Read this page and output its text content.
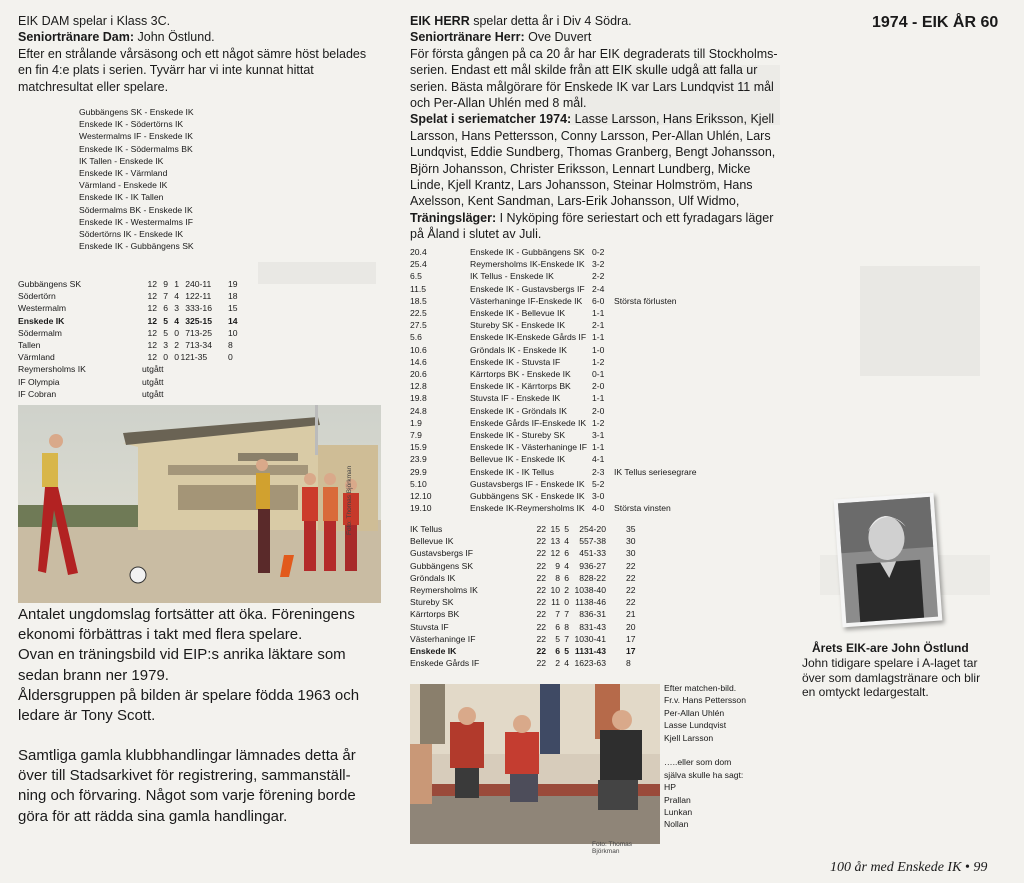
1974 - EIK ÅR 60

EIK DAM spelar i Klass 3C.

Seniortränare Dam: John Östlund.

Efter en strålande vårsäsong och ett något sämre höst belades en fin 4:e plats i serien. Tyvärr har vi inte kunnat hittat matchresultat eller spelare.

Gubbängens SK - Enskede IK
Enskede IK - Södertörns IK
Westermalms IF - Enskede IK
Enskede IK - Södermalms BK
IK Tallen - Enskede IK
Enskede IK - Värmland
Värmland - Enskede IK
Enskede IK - IK Tallen
Södermalms BK - Enskede IK
Enskede IK - Westermalms IF
Södertörns IK - Enskede IK
Enskede IK - Gubbängens SK
Gubbängens SK	12 9 1 2 40-11	19
Södertörn	12 7 4 1 22-11	18
Westermalm	12 6 3 3 33-16	15
Enskede IK	12 5 4 3 25-15	14
Södermalm	12 5 0 7 13-25	10
Tallen	12 3 2 7 13-34	8
Värmland	12 0 0 12 1-35	0
Reymersholms IK	utgått
IF Olympia	utgått
IF Cobran	utgått
Foto: Thomas Björkman
Antalet ungdomslag fortsätter att öka. Föreningens
ekonomi förbättras i takt med flera spelare.
Ovan en träningsbild vid EIP:s anrika läktare som
sedan brann ner 1979.
Åldersgruppen på bilden är spelare födda 1963 och
ledare är Tony Scott.
Samtliga gamla klubbhandlingar lämnades detta år
över till Stadsarkivet för registrering, sammanställ-
ning och förvaring. Något som varje förening borde
göra för att rädda sina gamla handlingar.

EIK HERR spelar detta år i Div 4 Södra.

Seniortränare Herr: Ove Duvert

För första gången på ca 20 år har EIK degraderats till Stockholms-
serien. Endast ett mål skilde från att EIK skulle udgå att falla ur
serien. Bästa målgörare för Enskede IK var Lars Lundqvist 11 mål
och Per-Allan Uhlén med 8 mål.
Spelat i seriematcher 1974: Lasse Larsson, Hans Eriksson, Kjell
Larsson, Hans Pettersson, Conny Larsson, Per-Allan Uhlén, Lars
Lundqvist, Eddie Sundberg, Thomas Granberg, Bengt Johansson,
Björn Johansson, Christer Eriksson, Lennart Lundberg, Micke
Linde, Kjell Krantz, Lars Johansson, Steinar Holmström, Hans
Axelsson, Kent Sandman, Lars-Erik Johansson, Ulf Widmo,
Träningsläger: I Nyköping före seriestart och ett fyradagars läger
på Åland i slutet av Juli.
20.4	Enskede IK - Gubbängens SK 0-2
25.4	Reymersholms IK-Enskede IK 3-2
6.5	IK Tellus - Enskede IK	2-2
11.5	Enskede IK - Gustavsbergs IF 2-4
18.5	Västerhaninge IF-Enskede IK	6-0	Största förlusten
22.5	Enskede IK - Bellevue IK	1-1
27.5	Stureby SK - Enskede IK	2-1
5.6	Enskede IK-Enskede Gårds IF 1-1
10.6	Gröndals IK - Enskede IK	1-0
14.6	Enskede IK - Stuvsta IF	1-2
20.6	Kärrtorps BK - Enskede IK	0-1
12.8	Enskede IK - Kärrtorps BK	2-0
19.8	Stuvsta IF - Enskede IK	1-1
24.8	Enskede IK - Gröndals IK	2-0
1.9	Enskede Gårds IF-Enskede IK 1-2
7.9	Enskede IK - Stureby SK	3-1
15.9	Enskede IK - Västerhaninge IF 1-1
23.9	Bellevue IK - Enskede IK	4-1
29.9	Enskede IK - IK Tellus	2-3	IK Tellus seriesegrare
5.10	Gustavsbergs IF - Enskede IK 5-2
12.10	Gubbängens SK - Enskede IK 3-0
19.10	Enskede IK-Reymersholms IK 4-0	Största vinsten
IK Tellus	22 15 5	2 54-20	35
Bellevue IK	22 13 4	5 57-38	30
Gustavsbergs IF	22 12 6	4 51-33	30
Gubbängens SK	22	9 4	9 36-27	22
Gröndals IK	22	8 6	8 28-22	22
Reymersholms IK	22 10 2 10 38-40	22
Stureby SK	22 11 0 11 38-46	22
Kärrtorps BK	22	7 7	8 36-31	21
Stuvsta IF	22	6 8	8 31-43	20
Västerhaninge IF	22	5 7 10 30-41	17
Enskede IK	22	6 5 11 31-43	17
Enskede Gårds IF	22	2 4 16 23-63	8
Foto: Thomas Björkman
Efter matchen-bild.
Fr.v. Hans Pettersson
Per-Allan Uhlén
Lasse Lundqvist
Kjell Larsson

…..eller som dom
själva skulle ha sagt:
HP
Prallan
Lunkan
Nollan
Årets EIK-are John Östlund
John tidigare spelare i A-laget tar
över som damlagstränare och blir
en omtyckt ledargestalt.
100 år med Enskede IK • 99
